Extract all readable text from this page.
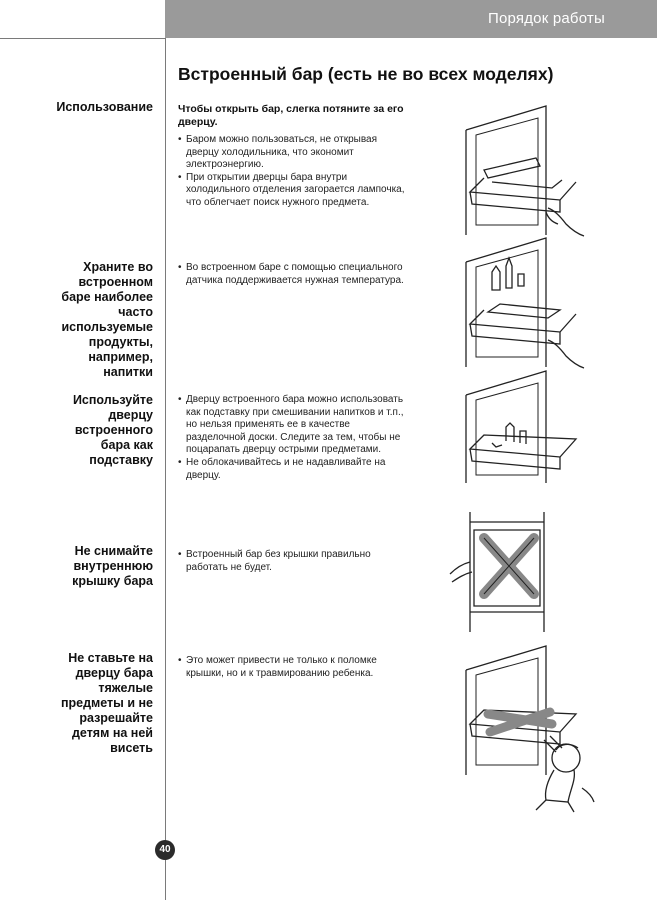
Порядок работы
Встроенный бар (есть не во всех моделях)
Использование Чтобы открыть бар, слегка потяните за его дверцу.
• Баром можно пользоваться, не открывая дверцу холодильника, что экономит электроэнергию.
• При открытии дверцы бара внутри холодильного отделения загорается лампочка, что облегчает поиск нужного предмета.
Храните во
встроенном
баре наиболее
часто
используемые
продукты,
например,
напитки
• Во встроенном баре с помощью специального датчика поддерживается нужная температура.
Используйте
дверцу
встроенного
бара как
подставку
• Дверцу встроенного бара можно использовать как подставку при смешивании напитков и т.п., но нельзя применять ее в качестве разделочной доски. Следите за тем, чтобы не поцарапать дверцу острыми предметами.
• Не облокачивайтесь и не надавливайте на дверцу.
Не снимайте
внутреннюю
крышку бара
• Встроенный бар без крышки правильно работать не будет.
Не ставьте на
дверцу бара
тяжелые
предметы и не
разрешайте
детям на ней
висеть
• Это может привести не только к поломке крышки, но и к травмированию ребенка.
40
